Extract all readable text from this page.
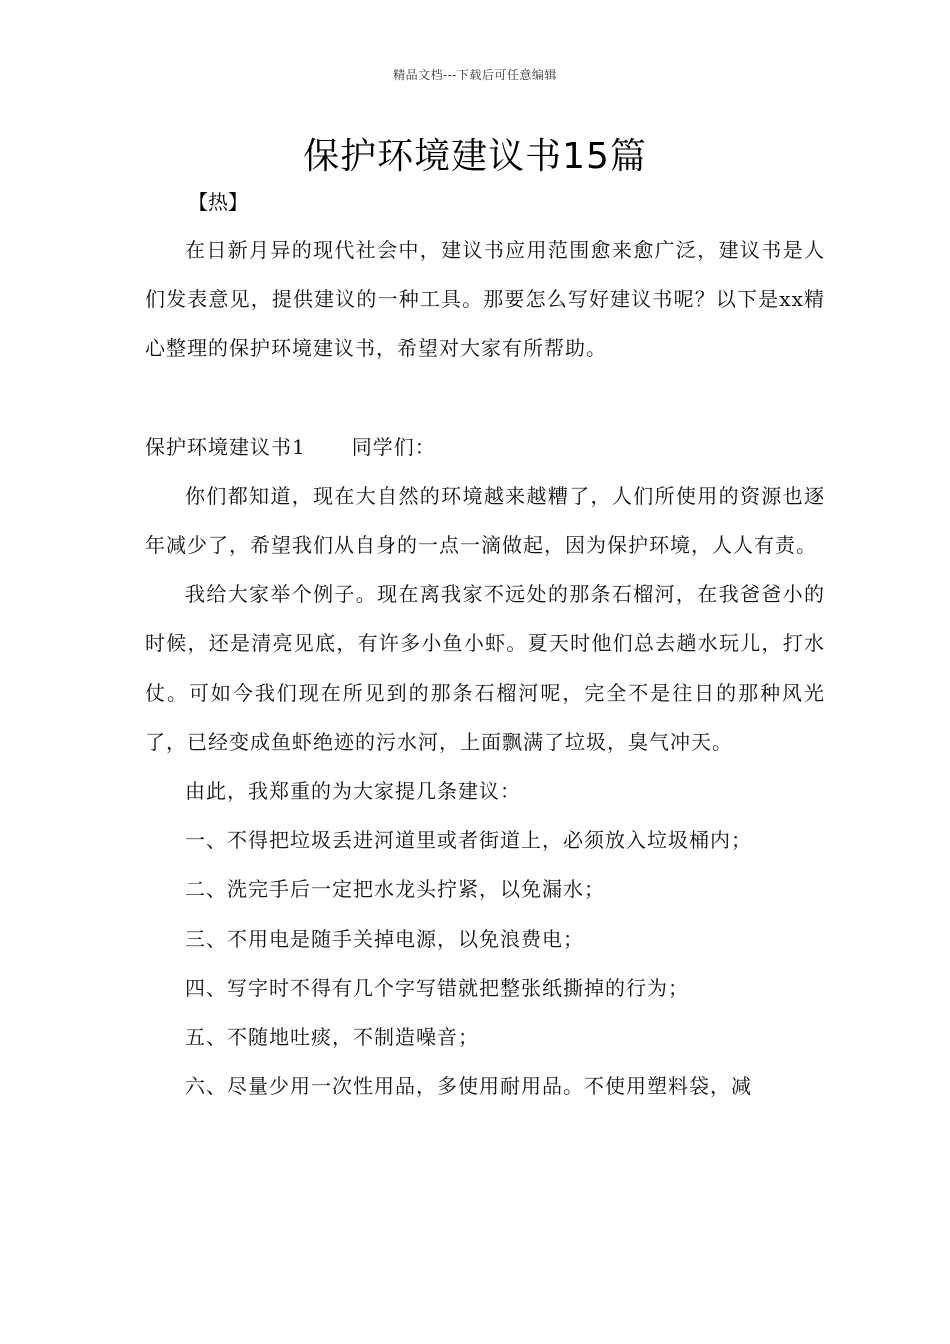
精品文档---下载后可任意编辑
保护环境建议书15篇
【热】

在日新月异的现代社会中，建议书应用范围愈来愈广泛，建议书是人们发表意见，提供建议的一种工具。那要怎么写好建议书呢？以下是xx精心整理的保护环境建议书，希望对大家有所帮助。

保护环境建议书1 同学们：

你们都知道，现在大自然的环境越来越糟了，人们所使用的资源也逐年减少了，希望我们从自身的一点一滴做起，因为保护环境，人人有责。

我给大家举个例子。现在离我家不远处的那条石榴河，在我爸爸小的时候，还是清亮见底，有许多小鱼小虾。夏天时他们总去趟水玩儿，打水仗。可如今我们现在所见到的那条石榴河呢，完全不是往日的那种风光了，已经变成鱼虾绝迹的污水河，上面飘满了垃圾，臭气冲天。

由此，我郑重的为大家提几条建议：

一、不得把垃圾丢进河道里或者街道上，必须放入垃圾桶内；

二、洗完手后一定把水龙头拧紧，以免漏水；

三、不用电是随手关掉电源，以免浪费电；

四、写字时不得有几个字写错就把整张纸撕掉的行为；

五、不随地吐痰，不制造噪音；

六、尽量少用一次性用品，多使用耐用品。不使用塑料袋，减
